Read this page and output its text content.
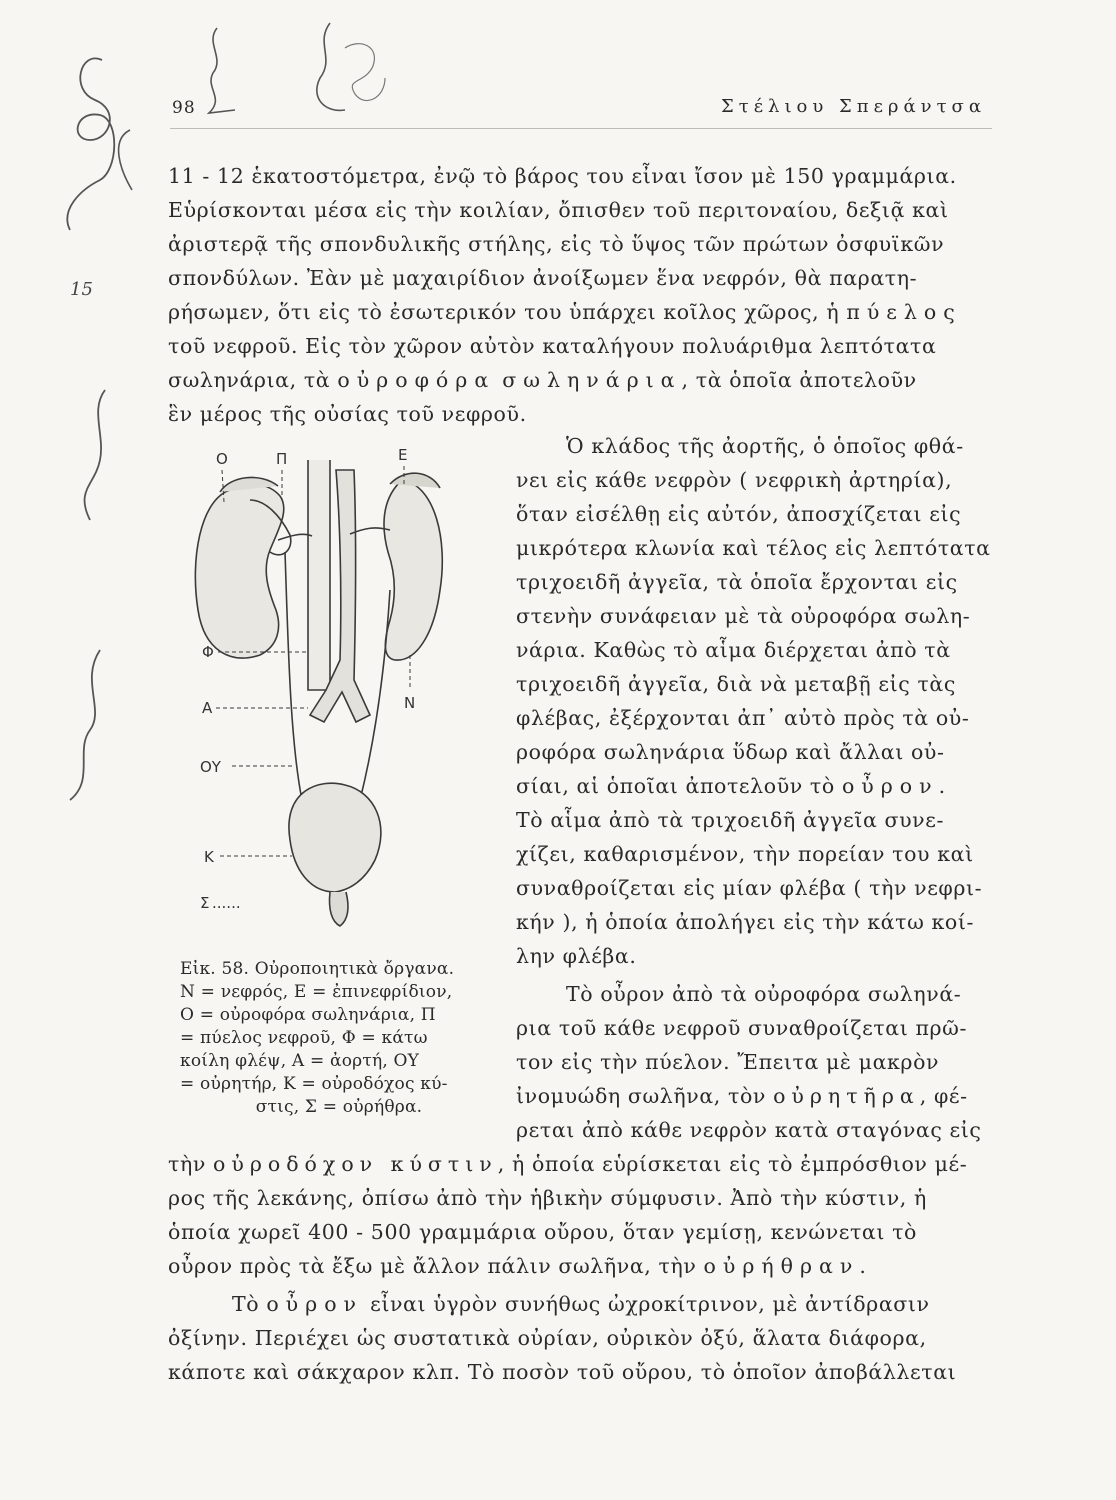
98	Στέλιου Σπεράντσα

11 - 12 ἑκατοστόμετρα, ἐνῷ τὸ βάρος του εἶναι ἴσον μὲ 150 γραμμάρια.

Εὑρίσκονται μέσα εἰς τὴν κοιλίαν, ὄπισθεν τοῦ περιτοναίου, δεξιᾷ καὶ

ἀριστερᾷ τῆς σπονδυλικῆς στήλης, εἰς τὸ ὕψος τῶν πρώτων ὀσφυϊκῶν

σπονδύλων. Ἐὰν μὲ μαχαιρίδιον ἀνοίξωμεν ἕνα νεφρόν, θὰ παρατη-

ρήσωμεν, ὅτι εἰς τὸ ἐσωτερικόν του ὑπάρχει κοῖλος χῶρος, ἡ πύελος

τοῦ νεφροῦ. Εἰς τὸν χῶρον αὐτὸν καταλήγουν πολυάριθμα λεπτότατα

σωληνάρια, τὰ οὐροφόρα σωληνάρια, τὰ ὁποῖα ἀποτελοῦν

ἓν μέρος τῆς οὐσίας τοῦ νεφροῦ.

Ὁ κλάδος τῆς ἀορτῆς, ὁ ὁποῖος φθά-

νει εἰς κάθε νεφρὸν ( νεφρικὴ ἀρτηρία),

ὅταν εἰσέλθῃ εἰς αὐτόν, ἀποσχίζεται εἰς

μικρότερα κλωνία καὶ τέλος εἰς λεπτότατα

τριχοειδῆ ἀγγεῖα, τὰ ὁποῖα ἔρχονται εἰς

στενὴν συνάφειαν μὲ τὰ οὐροφόρα σωλη-

νάρια. Καθὼς τὸ αἷμα διέρχεται ἀπὸ τὰ

τριχοειδῆ ἀγγεῖα, διὰ νὰ μεταβῇ εἰς τὰς

φλέβας, ἐξέρχονται ἀπ᾿ αὐτὸ πρὸς τὰ οὐ-

ροφόρα σωληνάρια ὕδωρ καὶ ἄλλαι οὐ-

σίαι, αἱ ὁποῖαι ἀποτελοῦν τὸ οὖρον.

Τὸ αἷμα ἀπὸ τὰ τριχοειδῆ ἀγγεῖα συνε-

χίζει, καθαρισμένον, τὴν πορείαν του καὶ

συναθροίζεται εἰς μίαν φλέβα ( τὴν νεφρι-

κήν ), ἡ ὁποία ἀπολήγει εἰς τὴν κάτω κοί-

λην φλέβα.

Τὸ οὖρον ἀπὸ τὰ οὐροφόρα σωληνά-

ρια τοῦ κάθε νεφροῦ συναθροίζεται πρῶ-

τον εἰς τὴν πύελον. Ἔπειτα μὲ μακρὸν

ἰνομυώδη σωλῆνα, τὸν οὐρητῆρα, φέ-

ρεται ἀπὸ κάθε νεφρὸν κατὰ σταγόνας εἰς

τὴν οὐροδόχον κύστιν, ἡ ὁποία εὑρίσκεται εἰς τὸ ἐμπρόσθιον μέ-

ρος τῆς λεκάνης, ὀπίσω ἀπὸ τὴν ἡβικὴν σύμφυσιν. Ἀπὸ τὴν κύστιν, ἡ

ὁποία χωρεῖ 400 - 500 γραμμάρια οὔρου, ὅταν γεμίσῃ, κενώνεται τὸ

οὖρον πρὸς τὰ ἔξω μὲ ἄλλον πάλιν σωλῆνα, τὴν οὐρήθραν.

Τὸ οὖρον εἶναι ὑγρὸν συνήθως ὠχροκίτρινον, μὲ ἀντίδρασιν

ὀξίνην. Περιέχει ὡς συστατικὰ οὐρίαν, οὐρικὸν ὀξύ, ἅλατα διάφορα,

κάποτε καὶ σάκχαρον κλπ. Τὸ ποσὸν τοῦ οὔρου, τὸ ὁποῖον ἀποβάλλεται

Ο	Π	Ε
Φ
Α
ΟΥ
Ν
Κ
Σ ......
Εἰκ. 58. Οὐροποιητικὰ ὄργανα.
N = νεφρός, E = ἐπινεφρίδιον,
Ο = οὐροφόρα σωληνάρια, Π
= πύελος νεφροῦ, Φ = κάτω
κοίλη φλέψ, Α = ἀορτή, ΟΥ
= οὐρητήρ, Κ = οὐροδόχος κύ-
στις, Σ = οὐρήθρα.
15
